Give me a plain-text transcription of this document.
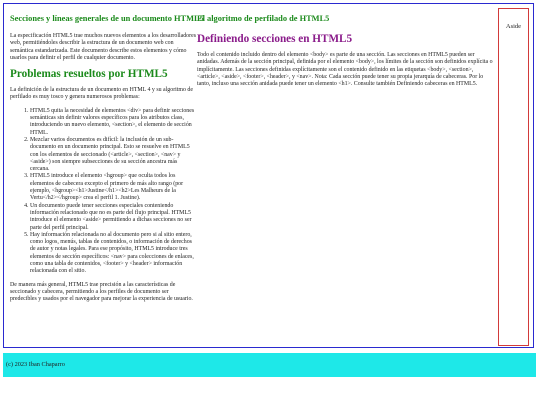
Secciones y líneas generales de un documento HTML5

La especificación HTML5 trae muchos nuevos elementos a los desarrolladores web, permitiéndoles describir la estructura de un documento web con semántica estandarizada. Este documento describe estos elementos y cómo usarlos para definir el perfil de cualquier documento.

Problemas resueltos por HTML5

La definición de la estructura de un documento en HTML 4 y su algoritmo de perfilado es muy tosco y genera numerosos problemas:

1. HTML5 quita la necesidad de elementos <div> para definir secciones semánticas sin definir valores específicos para los atributos class, introduciendo un nuevo elemento, <section>, el elemento de sección HTML.
2. Mezclar varios documentos es difícil: la inclusión de un sub-documento en un documento principal. Esto se resuelve en HTML5 con los elementos de seccionado (<article>, <section>, <nav> y <aside>) son siempre subsecciones de su sección ancestra más cercana.
3. HTML5 introduce el elemento <hgroup> que oculta todos los elementos de cabecera excepto el primero de más alto rango (por ejemplo, <hgroup><h1>Justine</h1><h2>Les Malheurs de la Vertu</h2></hgroup> crea el perfil 1. Justine).
4. Un documento puede tener secciones especiales conteniendo información relacionado que no es parte del flujo principal. HTML5 introduce el elemento <aside> permitiendo a dichas secciones no ser parte del perfil principal.
5. Hay información relacionada no al documento pero si al sitio entero, como logos, menús, tablas de contenidos, o información de derechos de autor y notas legales. Para ese propósito, HTML5 introduce tres elementos de sección específicos: <nav> para colecciones de enlaces, como una tabla de contenidos, <footer> y <header> información relacionada con el sitio.

De manera más general, HTML5 trae precisión a las características de seccionado y cabecera, permitiendo a los perfiles de documento ser predecibles y usados por el navegador para mejorar la experiencia de usuario.

El algoritmo de perfilado de HTML5
Definiendo secciones en HTML5

Todo el contenido incluido dentro del elemento <body> es parte de una sección. Las secciones en HTML5 pueden ser anidadas. Además de la sección principal, definida por el elemento <body>, los límites de la sección son definidos explícita o implícitamente. Las secciones definidas explícitamente son el contenido definido en las etiquetas <body>, <section>, <article>, <aside>, <footer>, <header>, y <nav>. Nota: Cada sección puede tener su propia jerarquía de cabeceras. Por lo tanto, incluso una sección anidada puede tener un elemento <h1>. Consulte también Definiendo cabeceras en HTML5.

Aside
(c) 2023 Iban Chaparro
